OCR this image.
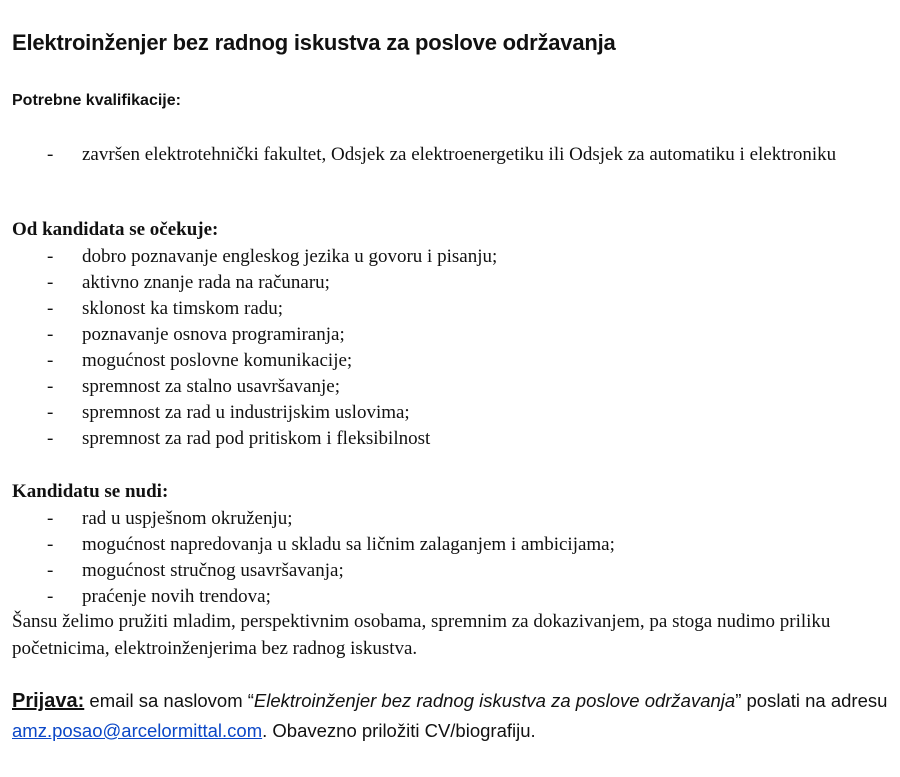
Elektroinženjer bez radnog iskustva za poslove održavanja
Potrebne kvalifikacije:
- završen elektrotehnički fakultet, Odsjek za elektroenergetiku ili Odsjek za automatiku i elektroniku
Od kandidata se očekuje:
- dobro poznavanje engleskog jezika u govoru i pisanju;
- aktivno znanje rada na računaru;
- sklonost ka timskom radu;
- poznavanje osnova programiranja;
- mogućnost poslovne komunikacije;
- spremnost za stalno usavršavanje;
- spremnost za rad u industrijskim uslovima;
- spremnost za rad pod pritiskom i fleksibilnost
Kandidatu se nudi:
- rad u uspješnom okruženju;
- mogućnost napredovanja u skladu sa ličnim zalaganjem i ambicijama;
- mogućnost stručnog usavršavanja;
- praćenje novih trendova;

Šansu želimo pružiti mladim, perspektivnim osobama, spremnim za dokazivanjem, pa stoga nudimo priliku početnicima, elektroinženjerima bez radnog iskustva.

Prijava: email sa naslovom “Elektroinženjer bez radnog iskustva za poslove održavanja” poslati na adresu amz.posao@arcelormittal.com. Obavezno priložiti CV/biografiju.
